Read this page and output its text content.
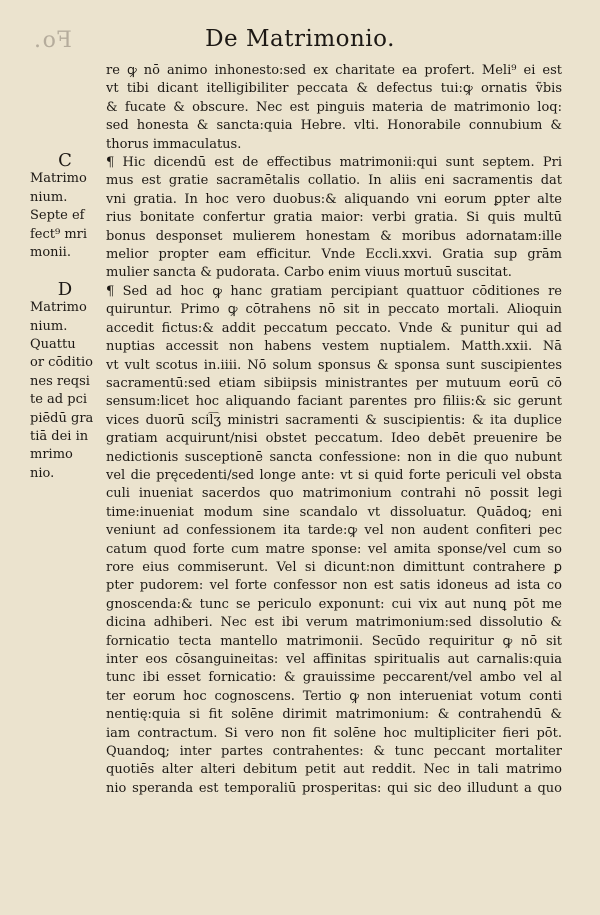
Fo.	De Matrimonio.
C
Matrimo
nium.
Septe ef
fect⁹ mri
monii.
D
Matrimo
nium.
Quattu
or cōditio
nes reqsi
te ad pci
piēdū gra
tiā dei in
mrimo
nio.
re ꝙ nō animo inhonesto:sed ex charitate ea profert. Meli⁹ ei est
vt tibi dicant̄ itelligibiliter peccata & defectus tui:ꝙ ornatis ṽbis
& fucate & obscure. Nec est pinguis materia de matrimonio loq:
sed honesta & sancta:quia Hebre. vlti. Honorabile connubium &
thorus immaculatus.
¶ Hic dicendū est de effectibus matrimonii:qui sunt septem. Pri
mus est gratie sacramētalis collatio. In aliis eni sacramentis dat̄
vni gratia. In hoc vero duobus:& aliquando vni eorum ꝑpter alte
rius bonitate confertur gratia maior: verbi gratia. Si quis multū
bonus desponset mulierem honestam & moribus adornatam:ille
melior propter eam efficitur. Vnde Eccli.xxvi. Gratia sup grām
mulier sancta & pudorata. Carbo enim viuus mortuū suscitat.
¶ Sed ad hoc ꝙ hanc gratiam percipiant quattuor cōditiones re
quiruntur. Primo ꝙ cōtrahens nō sit in peccato mortali. Alioquin
accedit fictus:& addit peccatum peccato. Vnde & punitur qui ad
nuptias accessit non habens vestem nuptialem. Matth.xxii. Nā
vt vult scotus in.iiii. Nō solum sponsus & sponsa sunt suscipientes
sacramentū:sed etiam sibiipsis ministrantes per mutuum eorū cō
sensum:licet hoc aliquando faciant parentes pro filiis:& sic gerunt
vices duorū scil͡ʒ ministri sacramenti & suscipientis: & ita duplice
gratiam acquirunt/nisi obstet peccatum. Ideo debēt preuenire be
nedictionis susceptionē sancta confessione: non in die quo nubunt
vel die pręcedenti/sed longe ante: vt si quid forte periculi vel obsta
culi inueniat sacerdos quo matrimonium contrahi nō possit legi
time:inueniat modum sine scandalo vt dissoluatur. Quādoꝗ; eni
veniunt ad confessionem ita tarde:ꝙ vel non audent confiteri pec
catum quod forte cum matre sponse: vel amita sponse/vel cum so
rore eius commiserunt. Vel si dicunt:non dimittunt contrahere ꝑ
pter pudorem: vel forte confessor non est satis idoneus ad ista co
gnoscenda:& tunc se periculo exponunt: cui vix aut nunꝗ pōt me
dicina adhiberi. Nec est ibi verum matrimonium:sed dissolutio &
fornicatio tecta mantello matrimonii. Secūdo requiritur ꝙ nō sit
inter eos cōsanguineitas: vel affinitas spiritualis aut carnalis:quia
tunc ibi esset fornicatio: & grauissime peccarent/vel ambo vel al
ter eorum hoc cognoscens. Tertio ꝙ non interueniat votum conti
nentię:quia si fit solēne dirimit matrimonium: & contrahendū &
iam contractum. Si vero non fit solēne hoc multipliciter fieri pōt.
Quandoꝗ; inter partes contrahentes: & tunc peccant mortaliter
quotiēs alter alteri debitum petit aut reddit. Nec in tali matrimo
nio speranda est temporaliū prosperitas: qui sic deo illudunt a quo
